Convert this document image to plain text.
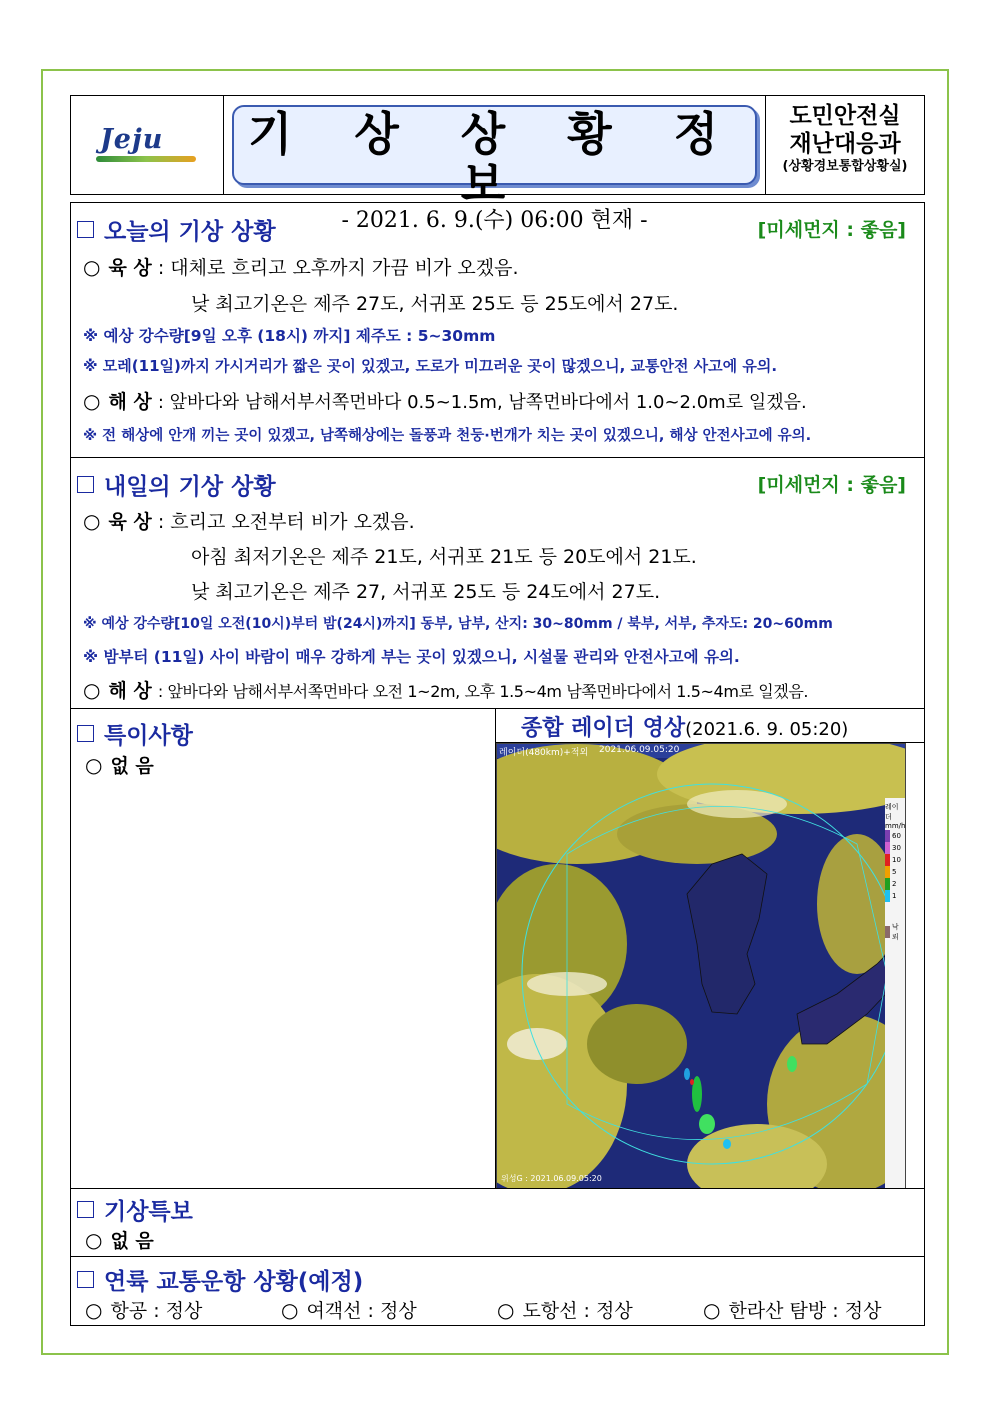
Jeju	기 상 상 황 정 보
- 2021. 6. 9.(수) 06:00 현재 -
도민안전실
재난대응과
(상황경보통합상황실)
오늘의 기상 상황	[미세먼지 : 좋음]
○ 육 상 : 대체로 흐리고 오후까지 가끔 비가 오겠음.
낮 최고기온은 제주 27도, 서귀포 25도 등 25도에서 27도.
※ 예상 강수량[9일 오후 (18시) 까지] 제주도 : 5~30mm
※ 모레(11일)까지 가시거리가 짧은 곳이 있겠고, 도로가 미끄러운 곳이 많겠으니, 교통안전 사고에 유의.
○ 해 상 : 앞바다와 남해서부서쪽먼바다 0.5~1.5m, 남쪽먼바다에서 1.0~2.0m로 일겠음.
※ 전 해상에 안개 끼는 곳이 있겠고, 남쪽해상에는 돌풍과 천둥·번개가 치는 곳이 있겠으니, 해상 안전사고에 유의.
내일의 기상 상황	[미세먼지 : 좋음]
○ 육 상 : 흐리고 오전부터 비가 오겠음.
아침 최저기온은 제주 21도, 서귀포 21도 등 20도에서 21도.
낮 최고기온은 제주 27, 서귀포 25도 등 24도에서 27도.
※ 예상 강수량[10일 오전(10시)부터 밤(24시)까지] 동부, 남부, 산지: 30~80mm / 북부, 서부, 추자도: 20~60mm
※ 밤부터 (11일) 사이 바람이 매우 강하게 부는 곳이 있겠으니, 시설물 관리와 안전사고에 유의.
○ 해 상 : 앞바다와 남해서부서쪽먼바다 오전 1~2m, 오후 1.5~4m 남쪽먼바다에서 1.5~4m로 일겠음.
특이사항
○ 없 음
종합 레이더 영상(2021.6. 9. 05:20)
레이더(480km)+적외 2021.06.09.05:20
위성G : 2021.06.09.05:20
레이더
mm/h
60
30
10
5
2
1
낙뢰
기상특보
○ 없 음
연륙 교통운항 상황(예정)
○ 항공 : 정상	○ 여객선 : 정상	○ 도항선 : 정상	○ 한라산 탐방 : 정상
